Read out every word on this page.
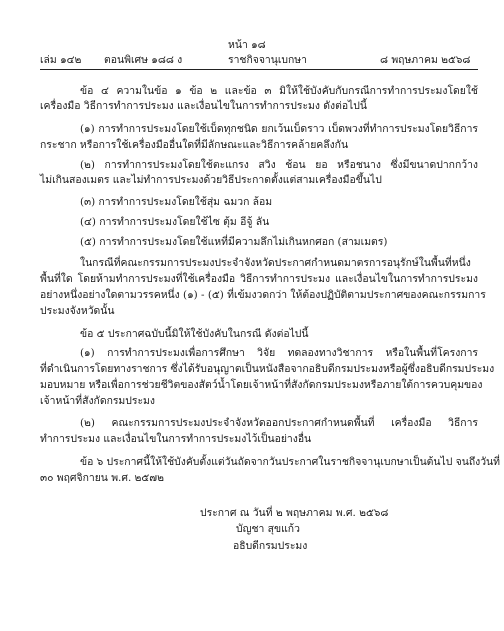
หน้า ๑๘
เล่ม ๑๔๒ ตอนพิเศษ ๑๘๘ ง	ราชกิจจานุเบกษา	๘ พฤษภาคม ๒๕๖๘
ข้อ ๔ ความในข้อ ๑ ข้อ ๒ และข้อ ๓ มิให้ใช้บังคับกับกรณีการทำการประมงโดยใช้
เครื่องมือ วิธีการทำการประมง และเงื่อนไขในการทำการประมง ดังต่อไปนี้
(๑) การทำการประมงโดยใช้เบ็ดทุกชนิด ยกเว้นเบ็ดราว เบ็ดพวงที่ทำการประมงโดยวิธีการ
กระชาก หรือการใช้เครื่องมืออื่นใดที่มีลักษณะและวิธีการคล้ายคลึงกัน
(๒) การทำการประมงโดยใช้ตะแกรง สวิง ช้อน ยอ หรือชนาง ซึ่งมีขนาดปากกว้าง
ไม่เกินสองเมตร และไม่ทำการประมงด้วยวิธีประกาดตั้งแต่สามเครื่องมือขึ้นไป
(๓) การทำการประมงโดยใช้สุ่ม ฉมวก ล้อม
(๔) การทำการประมงโดยใช้ไซ ตุ้ม อีจู้ ลัน
(๕) การทำการประมงโดยใช้แหที่มีความลึกไม่เกินหกศอก (สามเมตร)
ในกรณีที่คณะกรรมการประมงประจำจังหวัดประกาศกำหนดมาตรการอนุรักษ์ในพื้นที่หนึ่ง
พื้นที่ใด โดยห้ามทำการประมงที่ใช้เครื่องมือ วิธีการทำการประมง และเงื่อนไขในการทำการประมง
อย่างหนึ่งอย่างใดตามวรรคหนึ่ง (๑) - (๕) ที่เข้มงวดกว่า ให้ต้องปฏิบัติตามประกาศของคณะกรรมการ
ประมงจังหวัดนั้น
ข้อ ๕ ประกาศฉบับนี้มิให้ใช้บังคับในกรณี ดังต่อไปนี้
(๑) การทำการประมงเพื่อการศึกษา วิจัย ทดลองทางวิชาการ หรือในพื้นที่โครงการ
ที่ดำเนินการโดยทางราชการ ซึ่งได้รับอนุญาตเป็นหนังสือจากอธิบดีกรมประมงหรือผู้ซึ่งอธิบดีกรมประมง
มอบหมาย หรือเพื่อการช่วยชีวิตของสัตว์น้ำโดยเจ้าหน้าที่สังกัดกรมประมงหรือภายใต้การควบคุมของ
เจ้าหน้าที่สังกัดกรมประมง
(๒) คณะกรรมการประมงประจำจังหวัดออกประกาศกำหนดพื้นที่ เครื่องมือ วิธีการ
ทำการประมง และเงื่อนไขในการทำการประมงไว้เป็นอย่างอื่น
ข้อ ๖ ประกาศนี้ให้ใช้บังคับตั้งแต่วันถัดจากวันประกาศในราชกิจจานุเบกษาเป็นต้นไป จนถึงวันที่
๓๐ พฤศจิกายน พ.ศ. ๒๕๗๒
ประกาศ ณ วันที่ ๒ พฤษภาคม พ.ศ. ๒๕๖๘
บัญชา สุขแก้ว
อธิบดีกรมประมง
